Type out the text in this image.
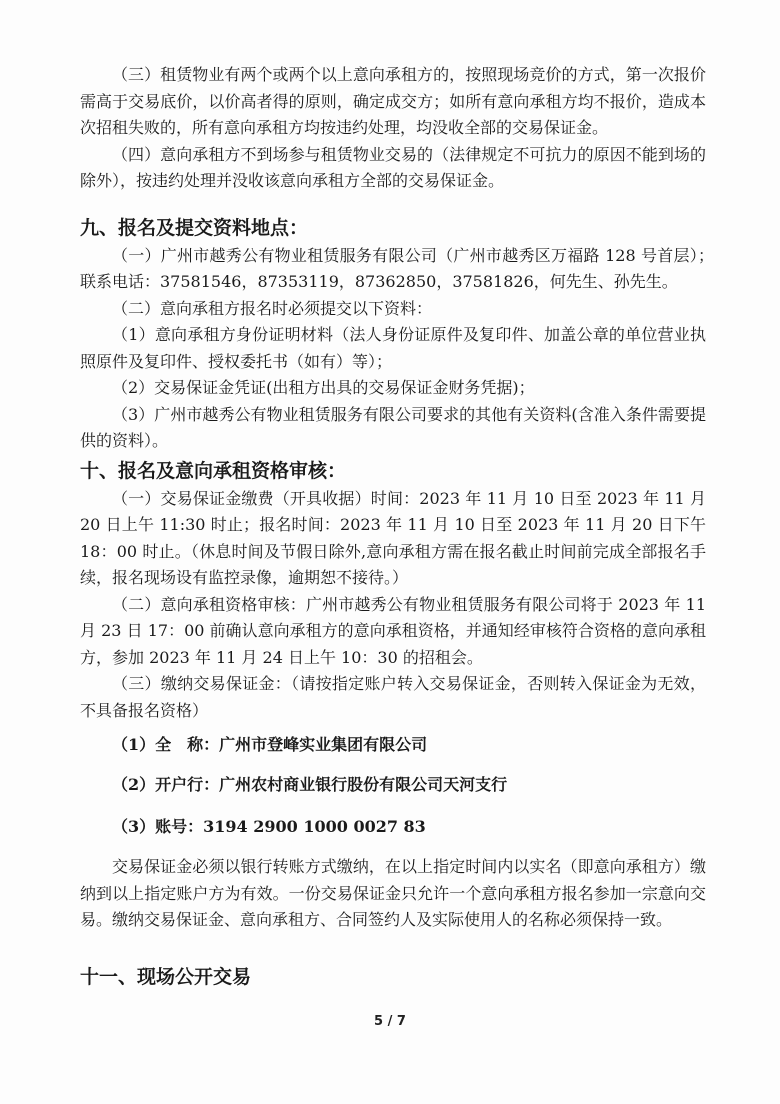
（三）租赁物业有两个或两个以上意向承租方的，按照现场竞价的方式，第一次报价需高于交易底价，以价高者得的原则，确定成交方；如所有意向承租方均不报价，造成本次招租失败的，所有意向承租方均按违约处理，均没收全部的交易保证金。

（四）意向承租方不到场参与租赁物业交易的（法律规定不可抗力的原因不能到场的除外），按违约处理并没收该意向承租方全部的交易保证金。

九、报名及提交资料地点：

（一）广州市越秀公有物业租赁服务有限公司（广州市越秀区万福路 128 号首层）；　联系电话：37581546，87353119，87362850，37581826，何先生、孙先生。

（二）意向承租方报名时必须提交以下资料：

（1）意向承租方身份证明材料（法人身份证原件及复印件、加盖公章的单位营业执照原件及复印件、授权委托书（如有）等）；

（2）交易保证金凭证(出租方出具的交易保证金财务凭据)；

（3）广州市越秀公有物业租赁服务有限公司要求的其他有关资料(含准入条件需要提供的资料）。

十、报名及意向承租资格审核：

（一）交易保证金缴费（开具收据）时间：2023 年 11 月 10 日至 2023 年 11 月 20 日上午 11:30 时止；报名时间：2023 年 11 月 10 日至 2023 年 11 月 20 日下午 18：00 时止。（休息时间及节假日除外,意向承租方需在报名截止时间前完成全部报名手续，报名现场设有监控录像，逾期恕不接待。）

（二）意向承租资格审核：广州市越秀公有物业租赁服务有限公司将于 2023 年 11 月 23 日 17：00 前确认意向承租方的意向承租资格，并通知经审核符合资格的意向承租方，参加 2023 年 11 月 24 日上午 10：30 的招租会。

（三）缴纳交易保证金：（请按指定账户转入交易保证金，否则转入保证金为无效，不具备报名资格）

（1）全　称：广州市登峰实业集团有限公司

（2）开户行：广州农村商业银行股份有限公司天河支行

（3）账号：3194 2900 1000 0027 83

交易保证金必须以银行转账方式缴纳，在以上指定时间内以实名（即意向承租方）缴纳到以上指定账户方为有效。一份交易保证金只允许一个意向承租方报名参加一宗意向交易。缴纳交易保证金、意向承租方、合同签约人及实际使用人的名称必须保持一致。

十一、现场公开交易
5 / 7
